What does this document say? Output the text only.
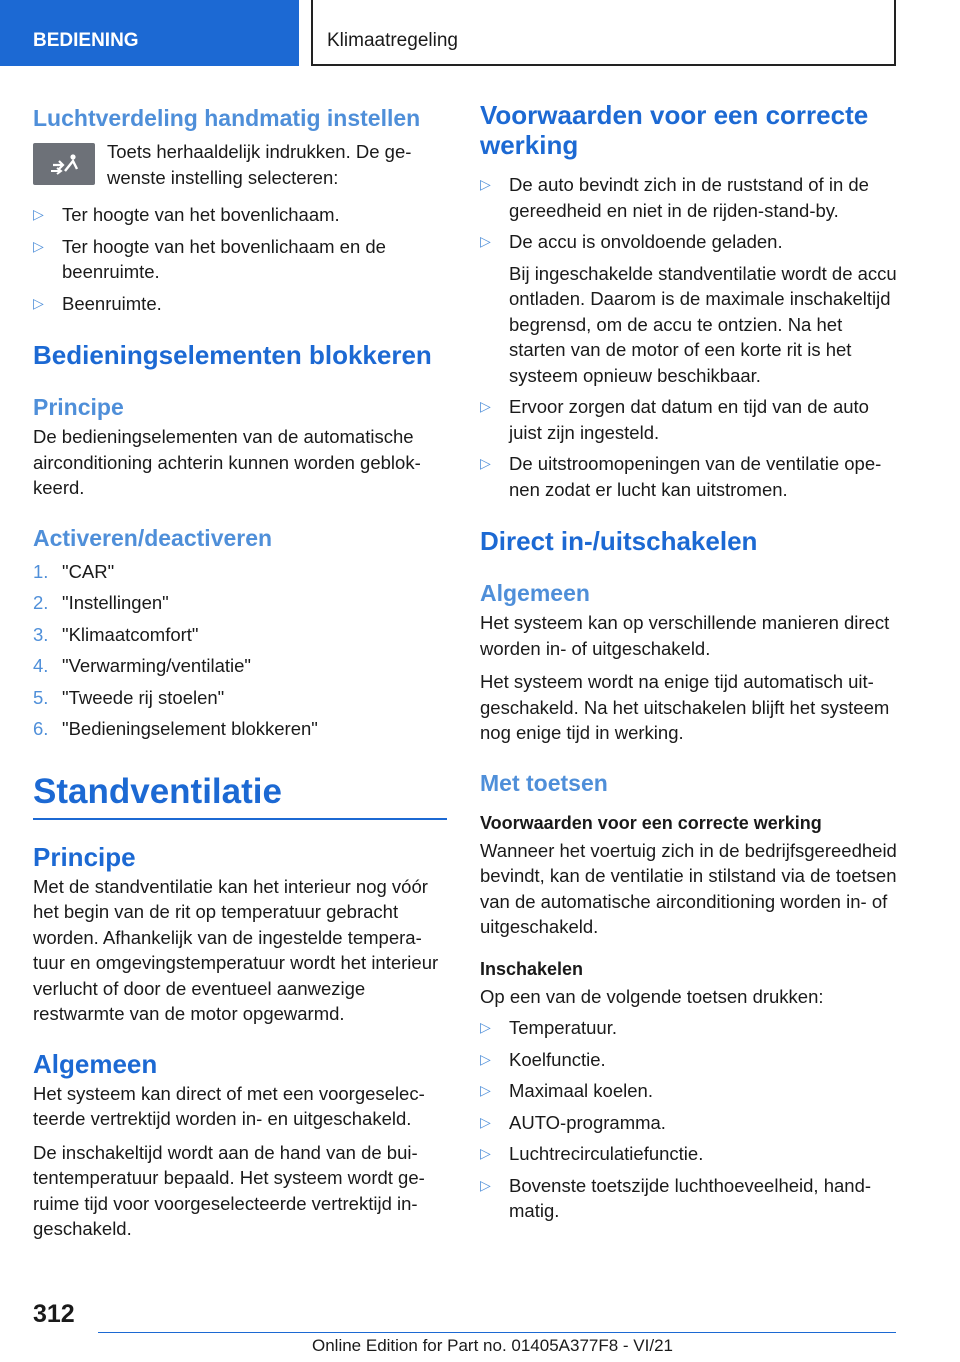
BEDIENING	Klimaatregeling
Luchtverdeling handmatig instellen
Toets herhaaldelijk indrukken. De gewenste instelling selecteren:
▷ Ter hoogte van het bovenlichaam.
▷ Ter hoogte van het bovenlichaam en de beenruimte.
▷ Beenruimte.
Bedieningselementen blokkeren
Principe

De bedieningselementen van de automatische airconditioning achterin kunnen worden geblokkeerd.

Activeren/deactiveren
1. "CAR"
2. "Instellingen"
3. "Klimaatcomfort"
4. "Verwarming/ventilatie"
5. "Tweede rij stoelen"
6. "Bedieningselement blokkeren"
Standventilatie
Principe

Met de standventilatie kan het interieur nog vóór het begin van de rit op temperatuur gebracht worden. Afhankelijk van de ingestelde temperatuur en omgevingstemperatuur wordt het interieur verlucht of door de eventueel aanwezige restwarmte van de motor opgewarmd.

Algemeen

Het systeem kan direct of met een voorgeselecteerde vertrektijd worden in- en uitgeschakeld.

De inschakeltijd wordt aan de hand van de buitentemperatuur bepaald. Het systeem wordt geruime tijd voor voorgeselecteerde vertrektijd ingeschakeld.

Voorwaarden voor een correcte werking
▷ De auto bevindt zich in de ruststand of in de gereedheid en niet in de rijden-stand-by.
▷ De accu is onvoldoende geladen.
Bij ingeschakelde standventilatie wordt de accu ontladen. Daarom is de maximale inschakeltijd begrensd, om de accu te ontzien. Na het starten van de motor of een korte rit is het systeem opnieuw beschikbaar.
▷ Ervoor zorgen dat datum en tijd van de auto juist zijn ingesteld.
▷ De uitstroomopeningen van de ventilatie openen zodat er lucht kan uitstromen.
Direct in-/uitschakelen
Algemeen

Het systeem kan op verschillende manieren direct worden in- of uitgeschakeld.

Het systeem wordt na enige tijd automatisch uitgeschakeld. Na het uitschakelen blijft het systeem nog enige tijd in werking.

Met toetsen
Voorwaarden voor een correcte werking

Wanneer het voertuig zich in de bedrijfsgereedheid bevindt, kan de ventilatie in stilstand via de toetsen van de automatische airconditioning worden in- of uitgeschakeld.

Inschakelen

Op een van de volgende toetsen drukken:

▷ Temperatuur.
▷ Koelfunctie.
▷ Maximaal koelen.
▷ AUTO-programma.
▷ Luchtrecirculatiefunctie.
▷ Bovenste toetszijde luchthoeveelheid, handmatig.
312
Online Edition for Part no. 01405A377F8 - VI/21
